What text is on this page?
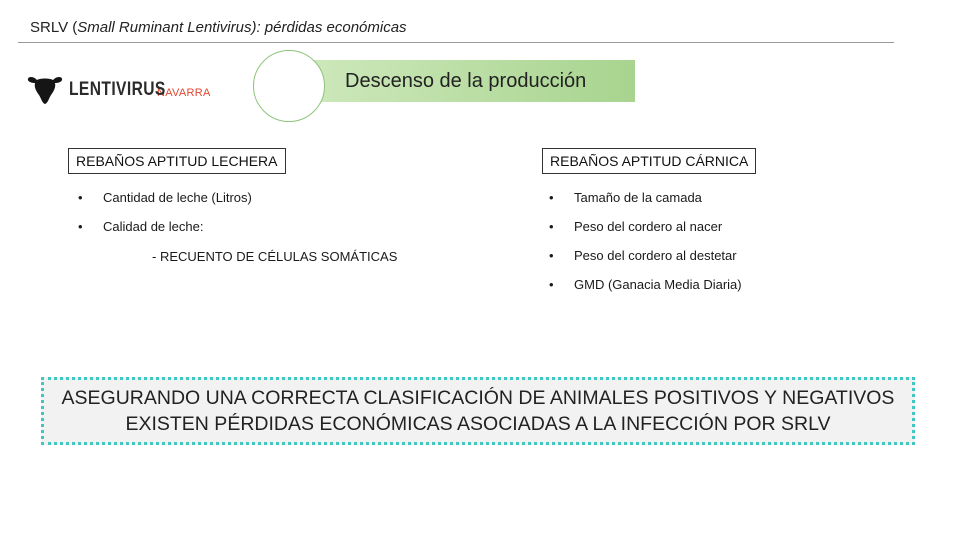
SRLV (Small Ruminant Lentivirus): pérdidas económicas
LENTIVIRUS
NAVARRA
Descenso de la producción
REBAÑOS APTITUD LECHERA
• Cantidad de leche (Litros)
• Calidad de leche:
- RECUENTO DE CÉLULAS SOMÁTICAS
REBAÑOS APTITUD CÁRNICA
• Tamaño de la camada
• Peso del cordero al nacer
• Peso del cordero al destetar
• GMD (Ganacia Media Diaria)
ASEGURANDO UNA CORRECTA CLASIFICACIÓN DE ANIMALES POSITIVOS Y NEGATIVOS
EXISTEN PÉRDIDAS ECONÓMICAS ASOCIADAS A LA INFECCIÓN POR SRLV
